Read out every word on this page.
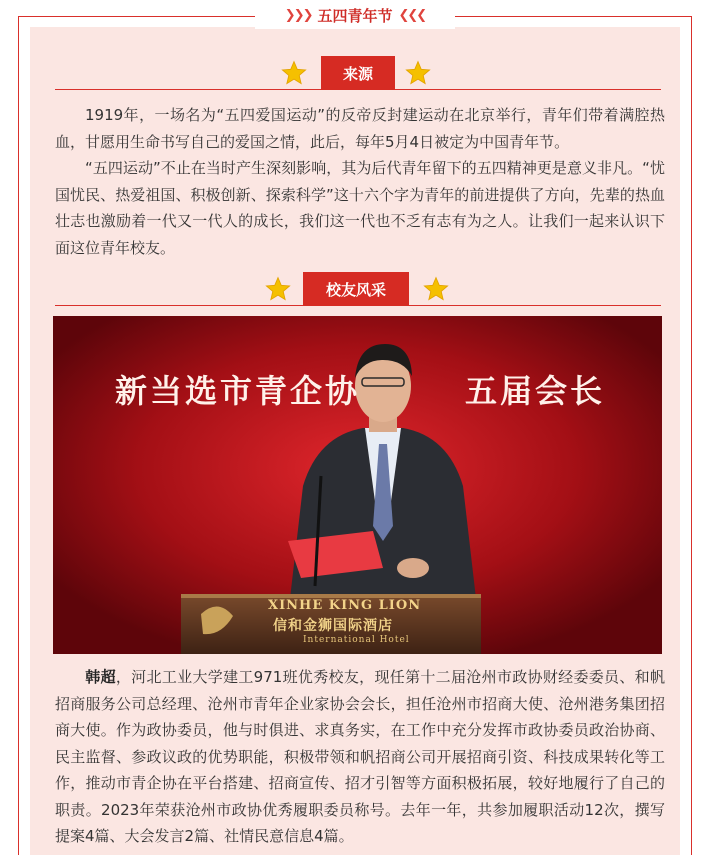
❯❯❯ 五四青年节 ❮❮❮
来源
1919年，一场名为“五四爱国运动”的反帝反封建运动在北京举行，青年们带着满腔热血，甘愿用生命书写自己的爱国之情，此后，每年5月4日被定为中国青年节。
“五四运动”不止在当时产生深刻影响，其为后代青年留下的五四精神更是意义非凡。“忧国忧民、热爱祖国、积极创新、探索科学”这十六个字为青年的前进提供了方向，先辈的热血壮志也激励着一代又一代人的成长，我们这一代也不乏有志有为之人。让我们一起来认识下面这位青年校友。
校友风采
新当选市青企协	五届会长
XINHE KING LION
信和金狮国际酒店
International Hotel
韩超，河北工业大学建工971班优秀校友，现任第十二届沧州市政协财经委委员、和帆招商服务公司总经理、沧州市青年企业家协会会长，担任沧州市招商大使、沧州港务集团招商大使。作为政协委员，他与时俱进、求真务实，在工作中充分发挥市政协委员政治协商、民主监督、参政议政的优势职能，积极带领和帆招商公司开展招商引资、科技成果转化等工作，推动市青企协在平台搭建、招商宣传、招才引智等方面积极拓展，较好地履行了自己的职责。2023年荣获沧州市政协优秀履职委员称号。去年一年，共参加履职活动12次，撰写提案4篇、大会发言2篇、社情民意信息4篇。
